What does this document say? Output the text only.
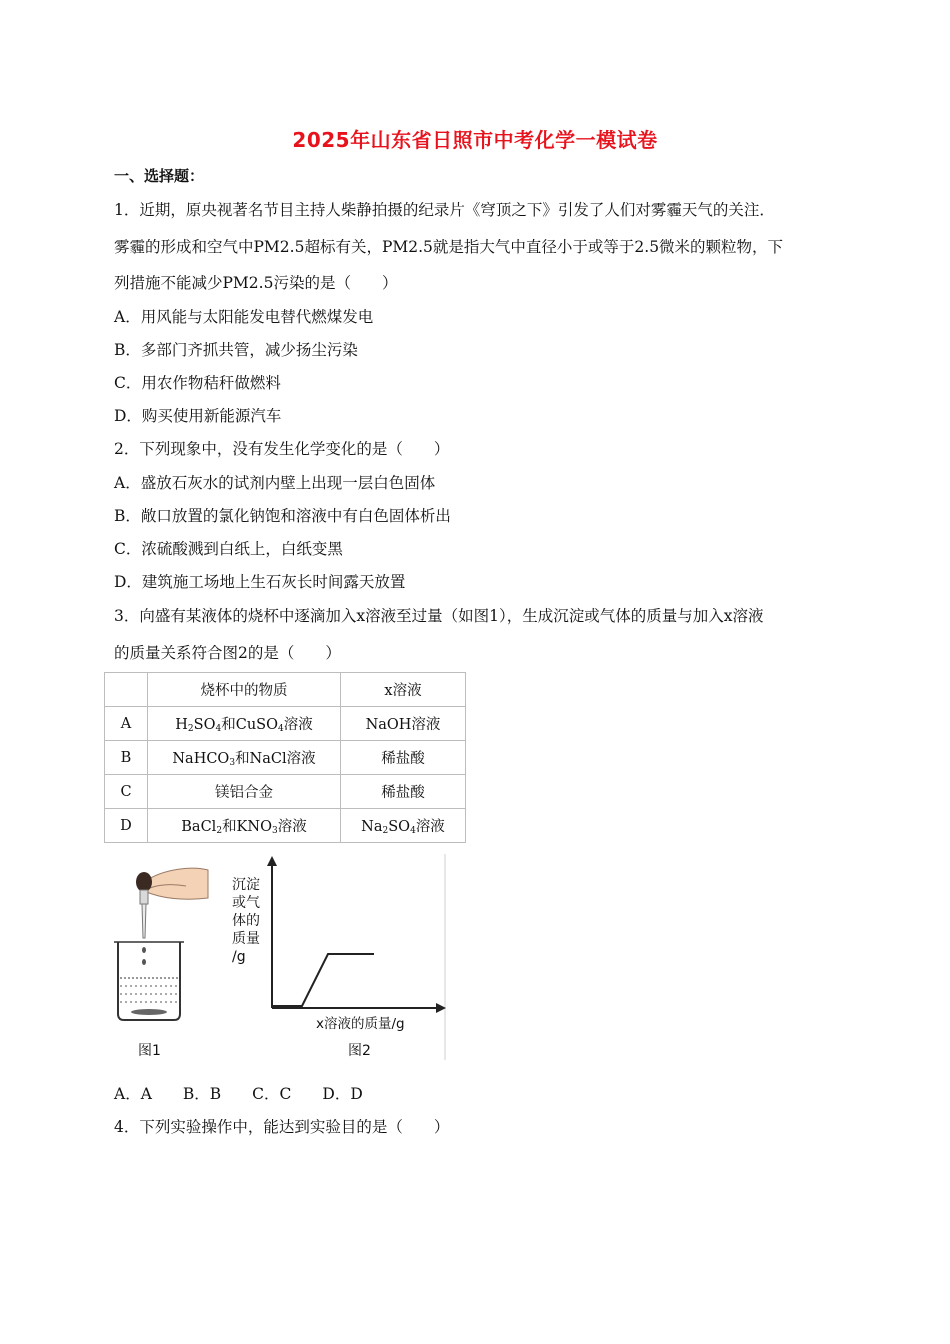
2025年山东省日照市中考化学一模试卷
一、选择题：
1．近期，原央视著名节目主持人柴静拍摄的纪录片《穹顶之下》引发了人们对雾霾天气的关注．
雾霾的形成和空气中PM2.5超标有关，PM2.5就是指大气中直径小于或等于2.5微米的颗粒物，下
列措施不能减少PM2.5污染的是（　　）
A．用风能与太阳能发电替代燃煤发电
B．多部门齐抓共管，减少扬尘污染
C．用农作物秸秆做燃料
D．购买使用新能源汽车
2．下列现象中，没有发生化学变化的是（　　）
A．盛放石灰水的试剂内壁上出现一层白色固体
B．敞口放置的氯化钠饱和溶液中有白色固体析出
C．浓硫酸溅到白纸上，白纸变黑
D．建筑施工场地上生石灰长时间露天放置
3．向盛有某液体的烧杯中逐滴加入x溶液至过量（如图1），生成沉淀或气体的质量与加入x溶液
的质量关系符合图2的是（　　）
	烧杯中的物质	x溶液
A	$H_2SO_4$和CuSO$_4$溶液	NaOH溶液
B	NaHCO$_3$和NaCl溶液	稀盐酸
C	镁铝合金	稀盐酸
D	BaCl$_2$和$KNO_3$溶液	$Na_2SO_4$溶液
沉淀
或气
体的
质量
/g
x溶液的质量/g
图1	图2
A．A　　B．B　　C．C　　D．D
4．下列实验操作中，能达到实验目的是（　　）
